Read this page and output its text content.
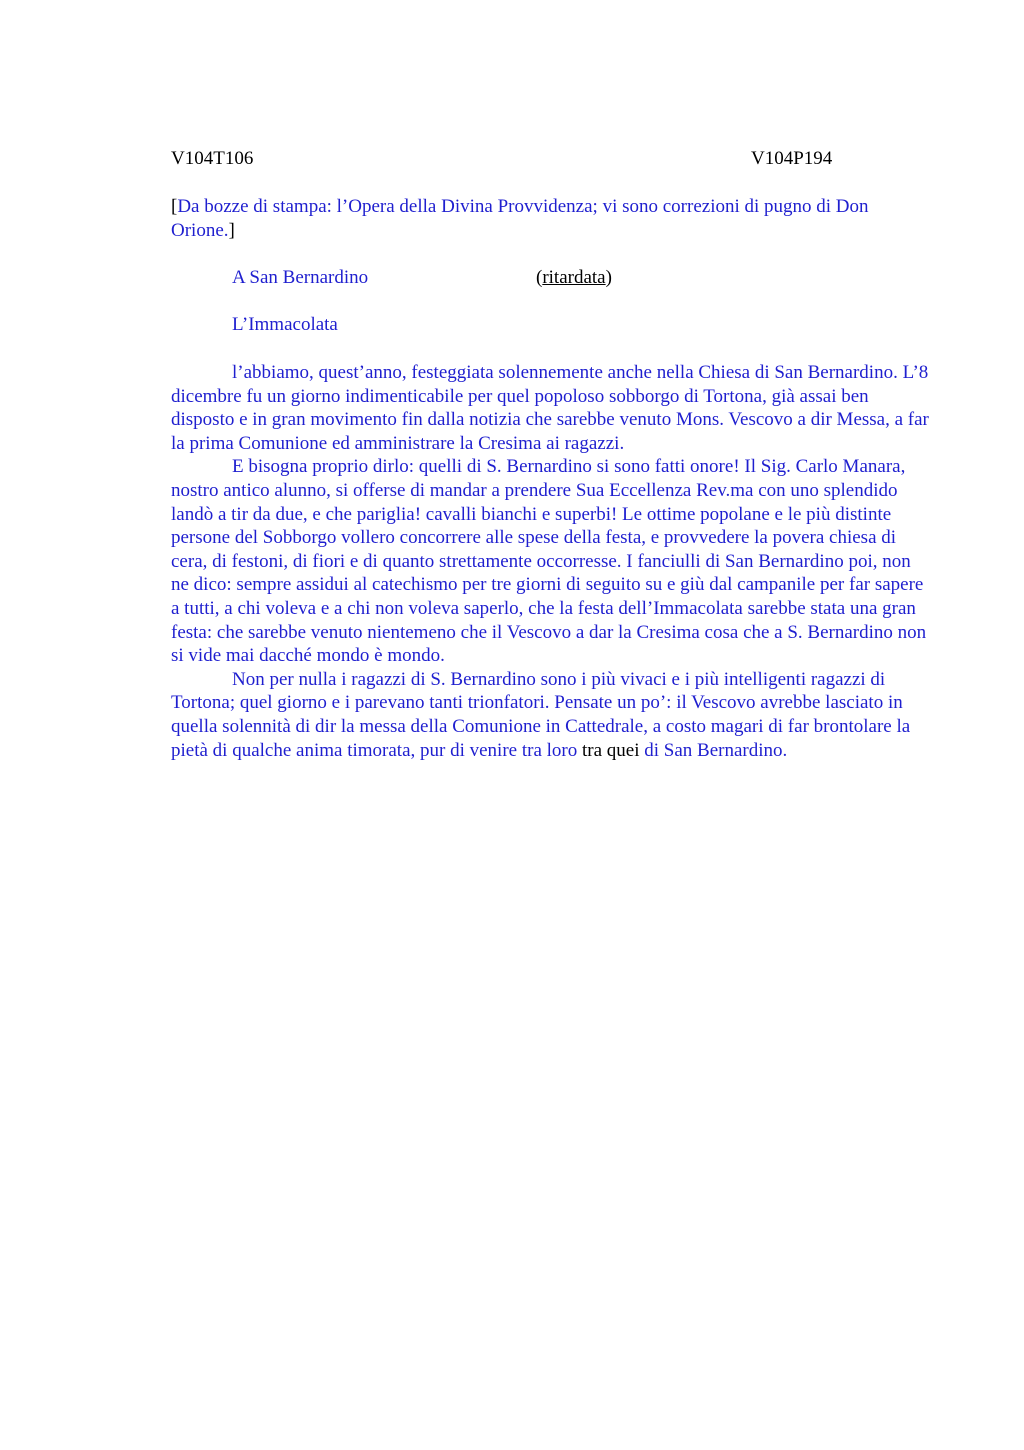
V104T106	V104P194
[Da bozze di stampa: l’Opera della Divina Provvidenza; vi sono correzioni di pugno di Don Orione.]
A San Bernardino	(ritardata)
L’Immacolata

l’abbiamo, quest’anno, festeggiata solennemente anche nella Chiesa di San Bernardino. L’8 dicembre fu un giorno indimenticabile per quel popoloso sobborgo di Tortona, già assai ben disposto e in gran movimento fin dalla notizia che sarebbe venuto Mons. Vescovo a dir Messa, a far la prima Comunione ed amministrare la Cresima ai ragazzi.

E bisogna proprio dirlo: quelli di S. Bernardino si sono fatti onore! Il Sig. Carlo Manara, nostro antico alunno, si offerse di mandar a prendere Sua Eccellenza Rev.ma con uno splendido landò a tir da due, e che pariglia! cavalli bianchi e superbi! Le ottime popolane e le più distinte persone del Sobborgo vollero concorrere alle spese della festa, e provvedere la povera chiesa di cera, di festoni, di fiori e di quanto strettamente occorresse. I fanciulli di San Bernardino poi, non ne dico: sempre assidui al catechismo per tre giorni di seguito su e giù dal campanile per far sapere a tutti, a chi voleva e a chi non voleva saperlo, che la festa dell’Immacolata sarebbe stata una gran festa: che sarebbe venuto nientemeno che il Vescovo a dar la Cresima cosa che a S. Bernardino non si vide mai dacché mondo è mondo.

Non per nulla i ragazzi di S. Bernardino sono i più vivaci e i più intelligenti ragazzi di Tortona; quel giorno e i parevano tanti trionfatori. Pensate un po’: il Vescovo avrebbe lasciato in quella solennità di dir la messa della Comunione in Cattedrale, a costo magari di far brontolare la pietà di qualche anima timorata, pur di venire tra loro tra quei di San Bernardino.
